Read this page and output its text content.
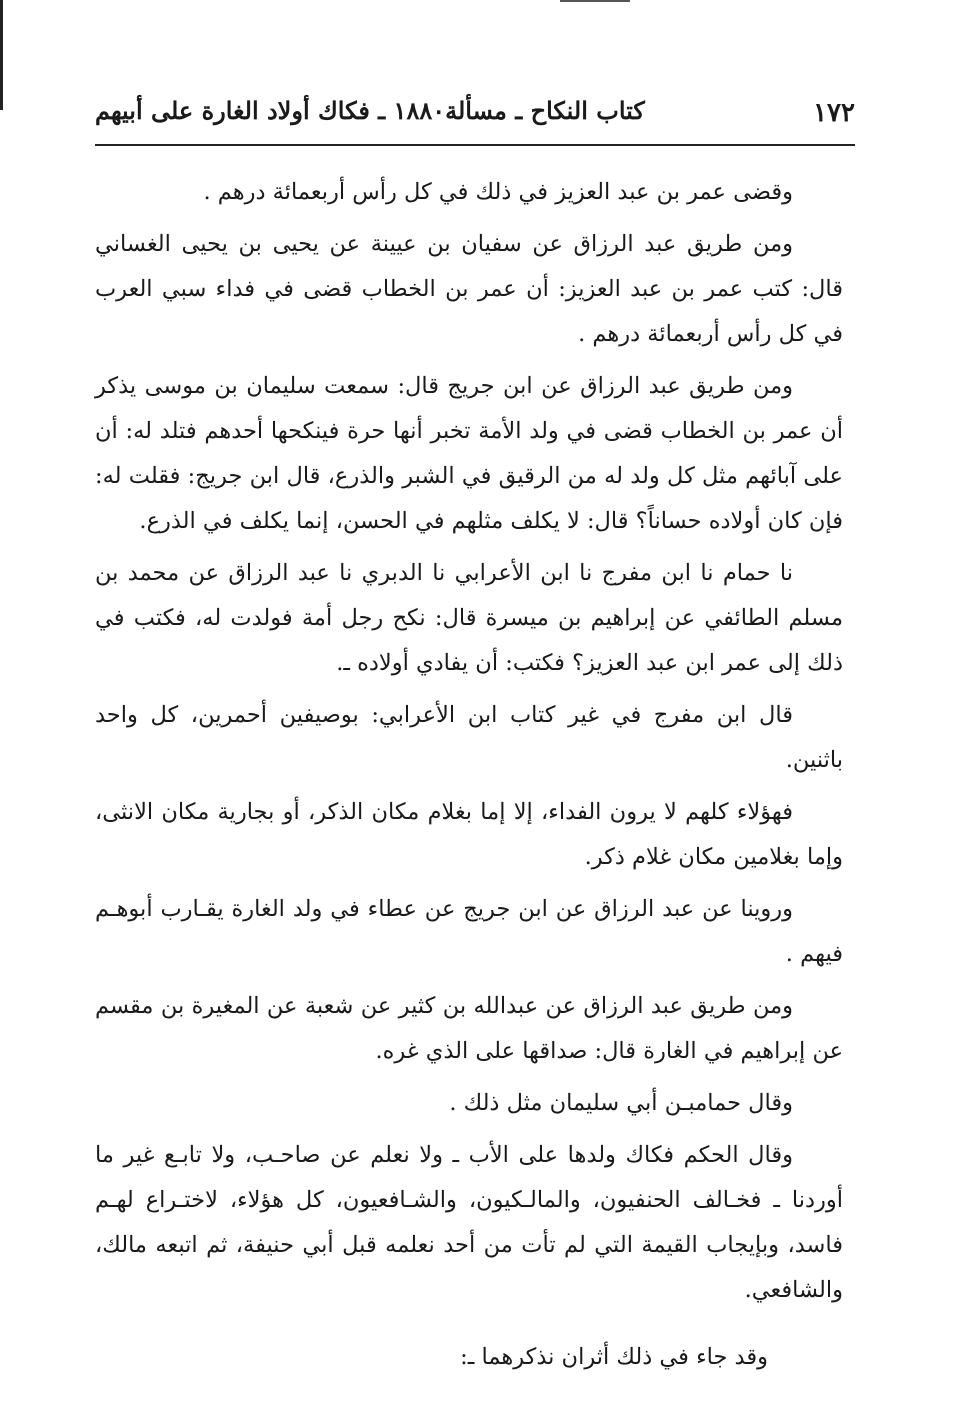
١٧٢
كتاب النكاح ـ مسألة١٨٨٠ ـ فكاك أولاد الغارة على أبيهم

وقضى عمر بن عبد العزيز في ذلك في كل رأس أربعمائة درهم .

ومن طريق عبد الرزاق عن سفيان بن عيينة عن يحيى بن يحيى الغساني قال: كتب عمر بن عبد العزيز: أن عمر بن الخطاب قضى في فداء سبي العرب في كل رأس أربعمائة درهم .

ومن طريق عبد الرزاق عن ابن جريج قال: سمعت سليمان بن موسى يذكر أن عمر بن الخطاب قضى في ولد الأمة تخبر أنها حرة فينكحها أحدهم فتلد له: أن على آبائهم مثل كل ولد له من الرقيق في الشبر والذرع، قال ابن جريج: فقلت له: فإن كان أولاده حساناً؟ قال: لا يكلف مثلهم في الحسن، إنما يكلف في الذرع.

نا حمام نا ابن مفرج نا ابن الأعرابي نا الدبري نا عبد الرزاق عن محمد بن مسلم الطائفي عن إبراهيم بن ميسرة قال: نكح رجل أمة فولدت له، فكتب في ذلك إلى عمر ابن عبد العزيز؟ فكتب: أن يفادي أولاده ـ.

قال ابن مفرج في غير كتاب ابن الأعرابي: بوصيفين أحمرين، كل واحد باثنين.

فهؤلاء كلهم لا يرون الفداء، إلا إما بغلام مكان الذكر، أو بجارية مكان الانثى، وإما بغلامين مكان غلام ذكر.

وروينا عن عبد الرزاق عن ابن جريج عن عطاء في ولد الغارة يقـارب أبوهـم فيهم .

ومن طريق عبد الرزاق عن عبدالله بن كثير عن شعبة عن المغيرة بن مقسم عن إبراهيم في الغارة قال: صداقها على الذي غره.

وقال حمامبـن أبي سليمان مثل ذلك .

وقال الحكم فكاك ولدها على الأب ـ ولا نعلم عن صاحـب، ولا تابـع غير ما أوردنا ـ فخـالف الحنفيون، والمالـكيون، والشـافعيون، كل هؤلاء، لاختـراع لهـم فاسد، وبإيجاب القيمة التي لم تأت من أحد نعلمه قبل أبي حنيفة، ثم اتبعه مالك، والشافعي.

وقد جاء في ذلك أثران نذكرهما ـ:
